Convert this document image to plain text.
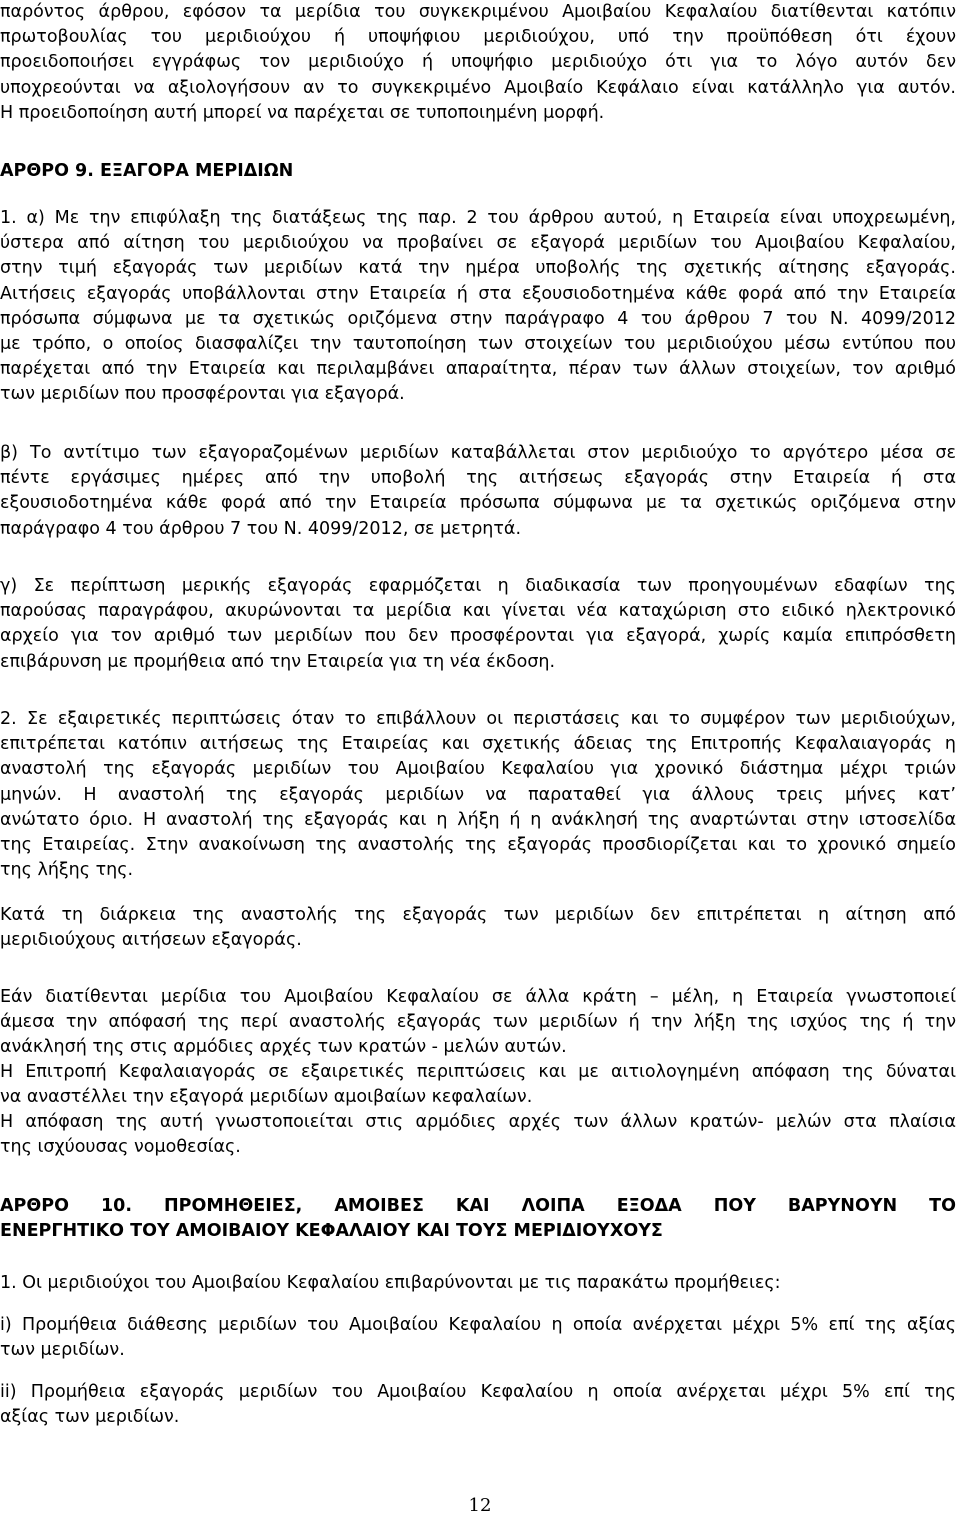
παρόντος άρθρου, εφόσον τα μερίδια του συγκεκριμένου Αμοιβαίου Κεφαλαίου διατίθενται κατόπιν
πρωτοβουλίας του μεριδιούχου ή υποψήφιου μεριδιούχου, υπό την προϋπόθεση ότι έχουν
προειδοποιήσει εγγράφως τον μεριδιούχο ή υποψήφιο μεριδιούχο ότι για το λόγο αυτόν δεν
υποχρεούνται να αξιολογήσουν αν το συγκεκριμένο Αμοιβαίο Κεφάλαιο είναι κατάλληλο για αυτόν.
Η προειδοποίηση αυτή μπορεί να παρέχεται σε τυποποιημένη μορφή.
ΑΡΘΡΟ 9. ΕΞΑΓΟΡΑ ΜΕΡΙΔΙΩΝ
1. α) Με την επιφύλαξη της διατάξεως της παρ. 2 του άρθρου αυτού, η Εταιρεία είναι υποχρεωμένη,
ύστερα από αίτηση του μεριδιούχου να προβαίνει σε εξαγορά μεριδίων του Αμοιβαίου Κεφαλαίου,
στην τιμή εξαγοράς των μεριδίων κατά την ημέρα υποβολής της σχετικής αίτησης εξαγοράς.
Αιτήσεις εξαγοράς υποβάλλονται στην Εταιρεία ή στα εξουσιοδοτημένα κάθε φορά από την Εταιρεία
πρόσωπα σύμφωνα με τα σχετικώς οριζόμενα στην παράγραφο 4 του άρθρου 7 του Ν. 4099/2012
με τρόπο, ο οποίος διασφαλίζει την ταυτοποίηση των στοιχείων του μεριδιούχου μέσω εντύπου που
παρέχεται από την Εταιρεία και περιλαμβάνει απαραίτητα, πέραν των άλλων στοιχείων, τον αριθμό
των μεριδίων που προσφέρονται για εξαγορά.
β) Το αντίτιμο των εξαγοραζομένων μεριδίων καταβάλλεται στον μεριδιούχο το αργότερο μέσα σε
πέντε εργάσιμες ημέρες από την υποβολή της αιτήσεως εξαγοράς στην Εταιρεία ή στα
εξουσιοδοτημένα κάθε φορά από την Εταιρεία πρόσωπα σύμφωνα με τα σχετικώς οριζόμενα στην
παράγραφο 4 του άρθρου 7 του Ν. 4099/2012, σε μετρητά.
γ) Σε περίπτωση μερικής εξαγοράς εφαρμόζεται η διαδικασία των προηγουμένων εδαφίων της
παρούσας παραγράφου, ακυρώνονται τα μερίδια και γίνεται νέα καταχώριση στο ειδικό ηλεκτρονικό
αρχείο για τον αριθμό των μεριδίων που δεν προσφέρονται για εξαγορά, χωρίς καμία επιπρόσθετη
επιβάρυνση με προμήθεια από την Εταιρεία για τη νέα έκδοση.
2. Σε εξαιρετικές περιπτώσεις όταν το επιβάλλουν οι περιστάσεις και το συμφέρον των μεριδιούχων,
επιτρέπεται κατόπιν αιτήσεως της Εταιρείας και σχετικής άδειας της Επιτροπής Κεφαλαιαγοράς η
αναστολή της εξαγοράς μεριδίων του Αμοιβαίου Κεφαλαίου για χρονικό διάστημα μέχρι τριών
μηνών. Η αναστολή της εξαγοράς μεριδίων να παραταθεί για άλλους τρεις μήνες κατ’
ανώτατο όριο. Η αναστολή της εξαγοράς και η λήξη ή η ανάκλησή της αναρτώνται στην ιστοσελίδα
της Εταιρείας. Στην ανακοίνωση της αναστολής της εξαγοράς προσδιορίζεται και το χρονικό σημείο
της λήξης της.
Κατά τη διάρκεια της αναστολής της εξαγοράς των μεριδίων δεν επιτρέπεται η αίτηση από
μεριδιούχους αιτήσεων εξαγοράς.
Εάν διατίθενται μερίδια του Αμοιβαίου Κεφαλαίου σε άλλα κράτη – μέλη, η Εταιρεία γνωστοποιεί
άμεσα την απόφασή της περί αναστολής εξαγοράς των μεριδίων ή την λήξη της ισχύος της ή την
ανάκλησή της στις αρμόδιες αρχές των κρατών - μελών αυτών.
Η Επιτροπή Κεφαλαιαγοράς σε εξαιρετικές περιπτώσεις και με αιτιολογημένη απόφαση της δύναται
να αναστέλλει την εξαγορά μεριδίων αμοιβαίων κεφαλαίων.
Η απόφαση της αυτή γνωστοποιείται στις αρμόδιες αρχές των άλλων κρατών- μελών στα πλαίσια
της ισχύουσας νομοθεσίας.
ΑΡΘΡΟ 10. ΠΡΟΜΗΘΕΙΕΣ, ΑΜΟΙΒΕΣ ΚΑΙ ΛΟΙΠΑ ΕΞΟΔΑ ΠΟΥ ΒΑΡΥΝΟΥΝ ΤΟ
ΕΝΕΡΓΗΤΙΚΟ ΤΟΥ ΑΜΟΙΒΑΙΟΥ ΚΕΦΑΛΑΙΟΥ ΚΑΙ ΤΟΥΣ ΜΕΡΙΔΙΟΥΧΟΥΣ
1. Οι μεριδιούχοι του Αμοιβαίου Κεφαλαίου επιβαρύνονται με τις παρακάτω προμήθειες:
i) Προμήθεια διάθεσης μεριδίων του Αμοιβαίου Κεφαλαίου η οποία ανέρχεται μέχρι 5% επί της αξίας
των μεριδίων.
ii) Προμήθεια εξαγοράς μεριδίων του Αμοιβαίου Κεφαλαίου η οποία ανέρχεται μέχρι 5% επί της
αξίας των μεριδίων.
12
